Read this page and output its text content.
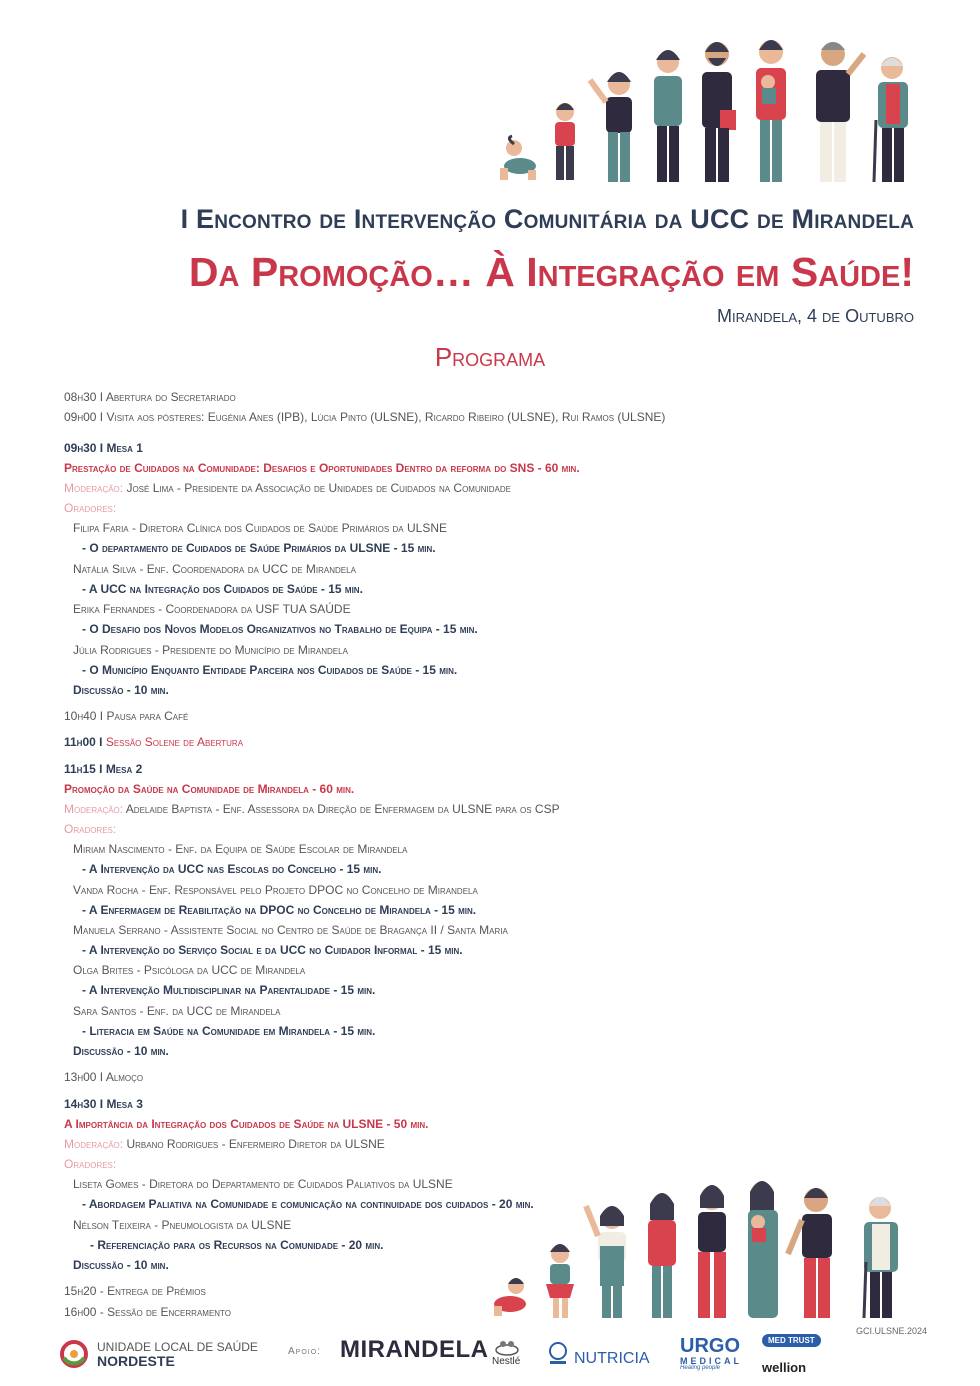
I Encontro de Intervenção Comunitária da UCC de Mirandela
Da Promoção… À Integração em Saúde!
Mirandela, 4 de Outubro
Programa
08h30 I Abertura do Secretariado
09h00 I Visita aos pósteres: Eugénia Anes (IPB), Lúcia Pinto (ULSNE), Ricardo Ribeiro (ULSNE), Rui Ramos (ULSNE)
09h30 I Mesa 1
Prestação de Cuidados na Comunidade: Desafios e Oportunidades Dentro da reforma do SNS - 60 min.
Moderação: José Lima - Presidente da Associação de Unidades de Cuidados na Comunidade
Oradores:
Filipa Faria - Diretora Clínica dos Cuidados de Saúde Primários da ULSNE
- O departamento de Cuidados de Saúde Primários da ULSNE - 15 min.
Natália Silva - Enf. Coordenadora da UCC de Mirandela
- A UCC na Integração dos Cuidados de Saúde - 15 min.
Erika Fernandes - Coordenadora da USF TUA SAÚDE
- O Desafio dos Novos Modelos Organizativos no Trabalho de Equipa - 15 min.
Júlia Rodrigues - Presidente do Município de Mirandela
- O Município Enquanto Entidade Parceira nos Cuidados de Saúde - 15 min.
Discussão - 10 min.
10h40 I Pausa para Café
11h00 I Sessão Solene de Abertura
11h15 I Mesa 2
Promoção da Saúde na Comunidade de Mirandela - 60 min.
Moderação: Adelaide Baptista - Enf. Assessora da Direção de Enfermagem da ULSNE para os CSP
Oradores:
Miriam Nascimento - Enf. da Equipa de Saúde Escolar de Mirandela
- A Intervenção da UCC nas Escolas do Concelho - 15 min.
Vanda Rocha - Enf. Responsável pelo Projeto DPOC no Concelho de Mirandela
- A Enfermagem de Reabilitação na DPOC no Concelho de Mirandela - 15 min.
Manuela Serrano - Assistente Social no Centro de Saúde de Bragança II / Santa Maria
- A Intervenção do Serviço Social e da UCC no Cuidador Informal - 15 min.
Olga Brites - Psicóloga da UCC de Mirandela
- A Intervenção Multidisciplinar na Parentalidade - 15 min.
Sara Santos - Enf. da UCC de Mirandela
- Literacia em Saúde na Comunidade em Mirandela - 15 min.
Discussão - 10 min.
13h00 I Almoço
14h30 I Mesa 3
A Importância da Integração dos Cuidados de Saúde na ULSNE - 50 min.
Moderação: Urbano Rodrigues - Enfermeiro Diretor da ULSNE
Oradores:
Liseta Gomes - Diretora do Departamento de Cuidados Paliativos da ULSNE
- Abordagem Paliativa na Comunidade e comunicação na continuidade dos cuidados - 20 min.
Nélson Teixeira - Pneumologista da ULSNE
- Referenciação para os Recursos na Comunidade - 20 min.
Discussão - 10 min.
15h20 - Entrega de Prémios
16h00 - Sessão de Encerramento
GCI.ULSNE.2024
UNIDADE LOCAL DE SAÚDE
NORDESTE
Apoio: MIRANDELA Nestlé	NUTRICIA
URGO
MEDICAL
Healing people
MED TRUST
wellion
